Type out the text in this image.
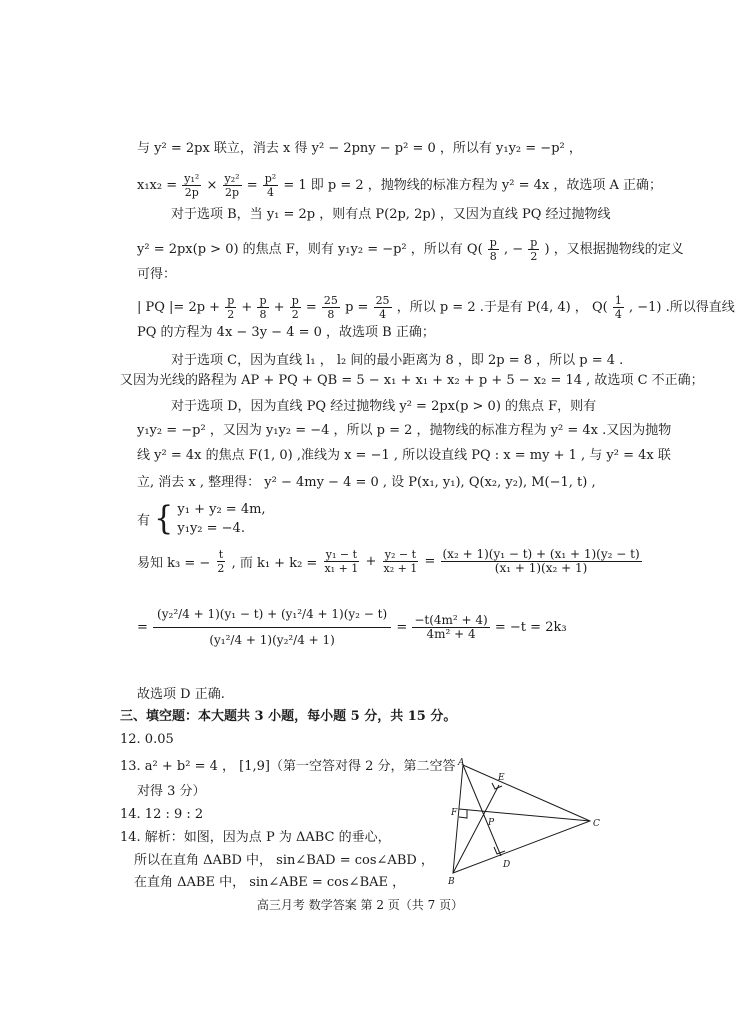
与 y² = 2px 联立，消去 x 得 y² − 2pny − p² = 0 ，所以有 y₁y₂ = −p² ，
$x_1x_2 = \frac{\text{y₁²}}{2p} \times \frac{\text{y₂²}}{2p} = \frac{\text{p²}}{4} = 1$ 即 p = 2 ，抛物线的标准方程为 y² = 4x ，故选项 A 正确；
对于选项 B，当 y₁ = 2p ，则有点 P(2p, 2p) ，又因为直线 PQ 经过抛物线
y² = 2px(p > 0) 的焦点 F，则有 y₁y₂ = −p² ，所以有 $Q( \frac{p}{8}$ , − $\frac{p}{2}$ ) ，又根据抛物线的定义
可得：
| PQ |= $2p + \frac{p}{2} + \frac{p}{8} + \frac{p}{2} = \frac{25}{8}$ $p = \frac{25}{4}$ ，所以 p = 2 .于是有 P(4, 4) ， $Q( \frac{1}{4}$ , −1) .所以得直线
PQ 的方程为 4x − 3y − 4 = 0 ，故选项 B 正确；
对于选项 C，因为直线 l₁ ， l₂ 间的最小距离为 8 ，即 2p = 8 ，所以 p = 4 .
又因为光线的路程为 AP + PQ + QB = 5 − x₁ + x₁ + x₂ + p + 5 − x₂ = 14 , 故选项 C 不正确；
对于选项 D，因为直线 PQ 经过抛物线 y² = 2px(p > 0) 的焦点 F，则有
y₁y₂ = −p² ，又因为 y₁y₂ = −4 ，所以 p = 2 ，抛物线的标准方程为 y² = 4x .又因为抛物
线 y² = 4x 的焦点 F(1, 0) ,准线为 x = −1 , 所以设直线 PQ : x = my + 1 , 与 y² = 4x 联
立, 消去 x , 整理得： y² − 4my − 4 = 0 , 设 P(x₁, y₁), Q(x₂, y₂), M(−1, t) ,
有 { y₁ + y₂ = 4m,
y₁y₂ = −4.
易知 k₃ = − $\frac{t}{2}$ , 而 $k_1 + k_2 = \frac{\text{y₁ − t}}{\text{x₁ + 1}} + \frac{\text{y₂ − t}}{\text{x₂ + 1}} = \frac{\text{(x₂ + 1)(y₁ − t) + (x₁ + 1)(y₂ − t)}}{\text{(x₁ + 1)(x₂ + 1)}}$
= $\frac{\text{(y₂²/4 + 1)(y₁ − t) + (y₁²/4 + 1)(y₂ − t)}}{\text{(y₁²/4 + 1)(y₂²/4 + 1)}} = \frac{\text{−t(4m² + 4)}}{\text{4m² + 4}} = -t = 2k_3$
故选项 D 正确.
三、填空题：本大题共 3 小题，每小题 5 分，共 15 分。
12. 0.05
13. a² + b² = 4 ， [1,9]（第一空答对得 2 分，第二空答
对得 3 分）
14. 12 : 9 : 2
14. 解析：如图，因为点 P 为 ΔABC 的垂心，
所以在直角 ΔABD 中， sin∠BAD = cos∠ABD ，
在直角 ΔABE 中， sin∠ABE = cos∠BAE ，
A
B
C
D
E
F
P
高三月考 数学答案 第 2 页（共 7 页）
